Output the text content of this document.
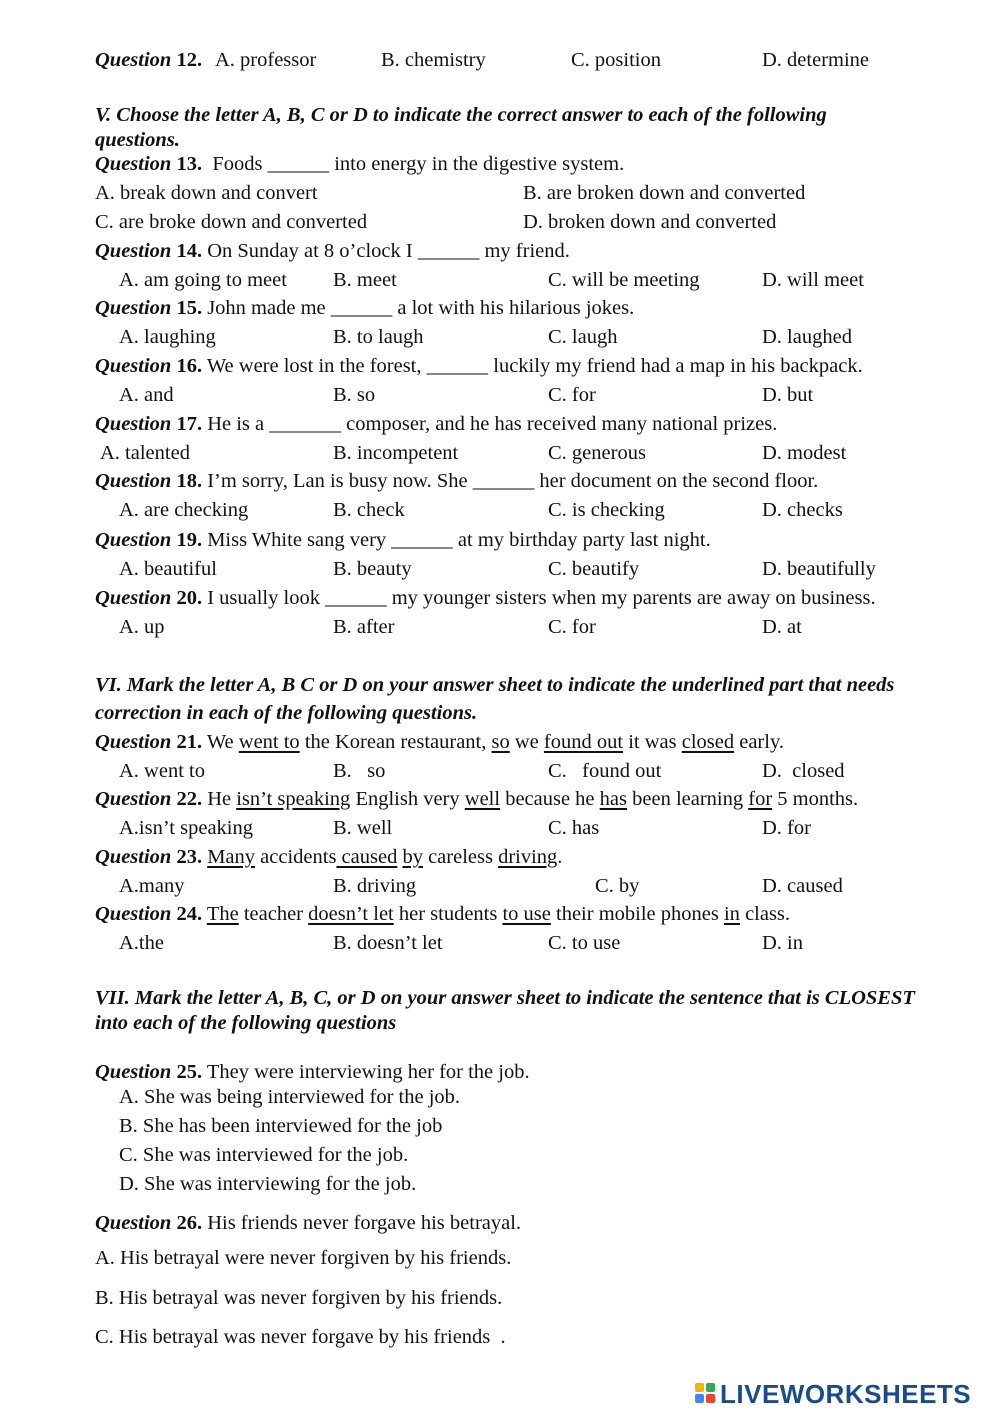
Question 12. A. professor	B. chemistry	C. position	D. determine
V. Choose the letter A, B, C or D to indicate the correct answer to each of the following
questions.
Question 13.  Foods ______ into energy in the digestive system.
A. break down and convert	B. are broken down and converted
C. are broke down and converted	D. broken down and converted
Question 14. On Sunday at 8 o’clock I ______ my friend.
A. am going to meet B. meet	C. will be meeting	D. will meet
Question 15. John made me ______ a lot with his hilarious jokes.
A. laughing	B. to laugh	C. laugh	D. laughed
Question 16. We were lost in the forest, ______ luckily my friend had a map in his backpack.
A. and	B. so	C. for	D. but
Question 17. He is a _______ composer, and he has received many national prizes.
A. talented	B. incompetent	C. generous	D. modest
Question 18. I’m sorry, Lan is busy now. She ______ her document on the second floor.
A. are checking	B. check	C. is checking	D. checks
Question 19. Miss White sang very ______ at my birthday party last night.
A. beautiful	B. beauty	C. beautify	D. beautifully
Question 20. I usually look ______ my younger sisters when my parents are away on business.
A. up	B. after	C. for	D. at
VI. Mark the letter A, B C or D on your answer sheet to indicate the underlined part that needs
correction in each of the following questions.
Question 21. We went to the Korean restaurant, so we found out it was closed early.
A. went to	B.   so	C.   found out	D.  closed
Question 22. He isn’t speaking English very well because he has been learning for 5 months.
A.isn’t speaking	B. well	C. has	D. for
Question 23. Many accidents caused by careless driving.
A.many	B. driving	C. by	D. caused
Question 24. The teacher doesn’t let her students to use their mobile phones in class.
A.the	B. doesn’t let	C. to use	D. in
VII. Mark the letter A, B, C, or D on your answer sheet to indicate the sentence that is CLOSEST
into each of the following questions
Question 25. They were interviewing her for the job.
A. She was being interviewed for the job.
B. She has been interviewed for the job
C. She was interviewed for the job.
D. She was interviewing for the job.
Question 26. His friends never forgave his betrayal.
A. His betrayal were never forgiven by his friends.
B. His betrayal was never forgiven by his friends.
C. His betrayal was never forgave by his friends  .
LIVEWORKSHEETS
